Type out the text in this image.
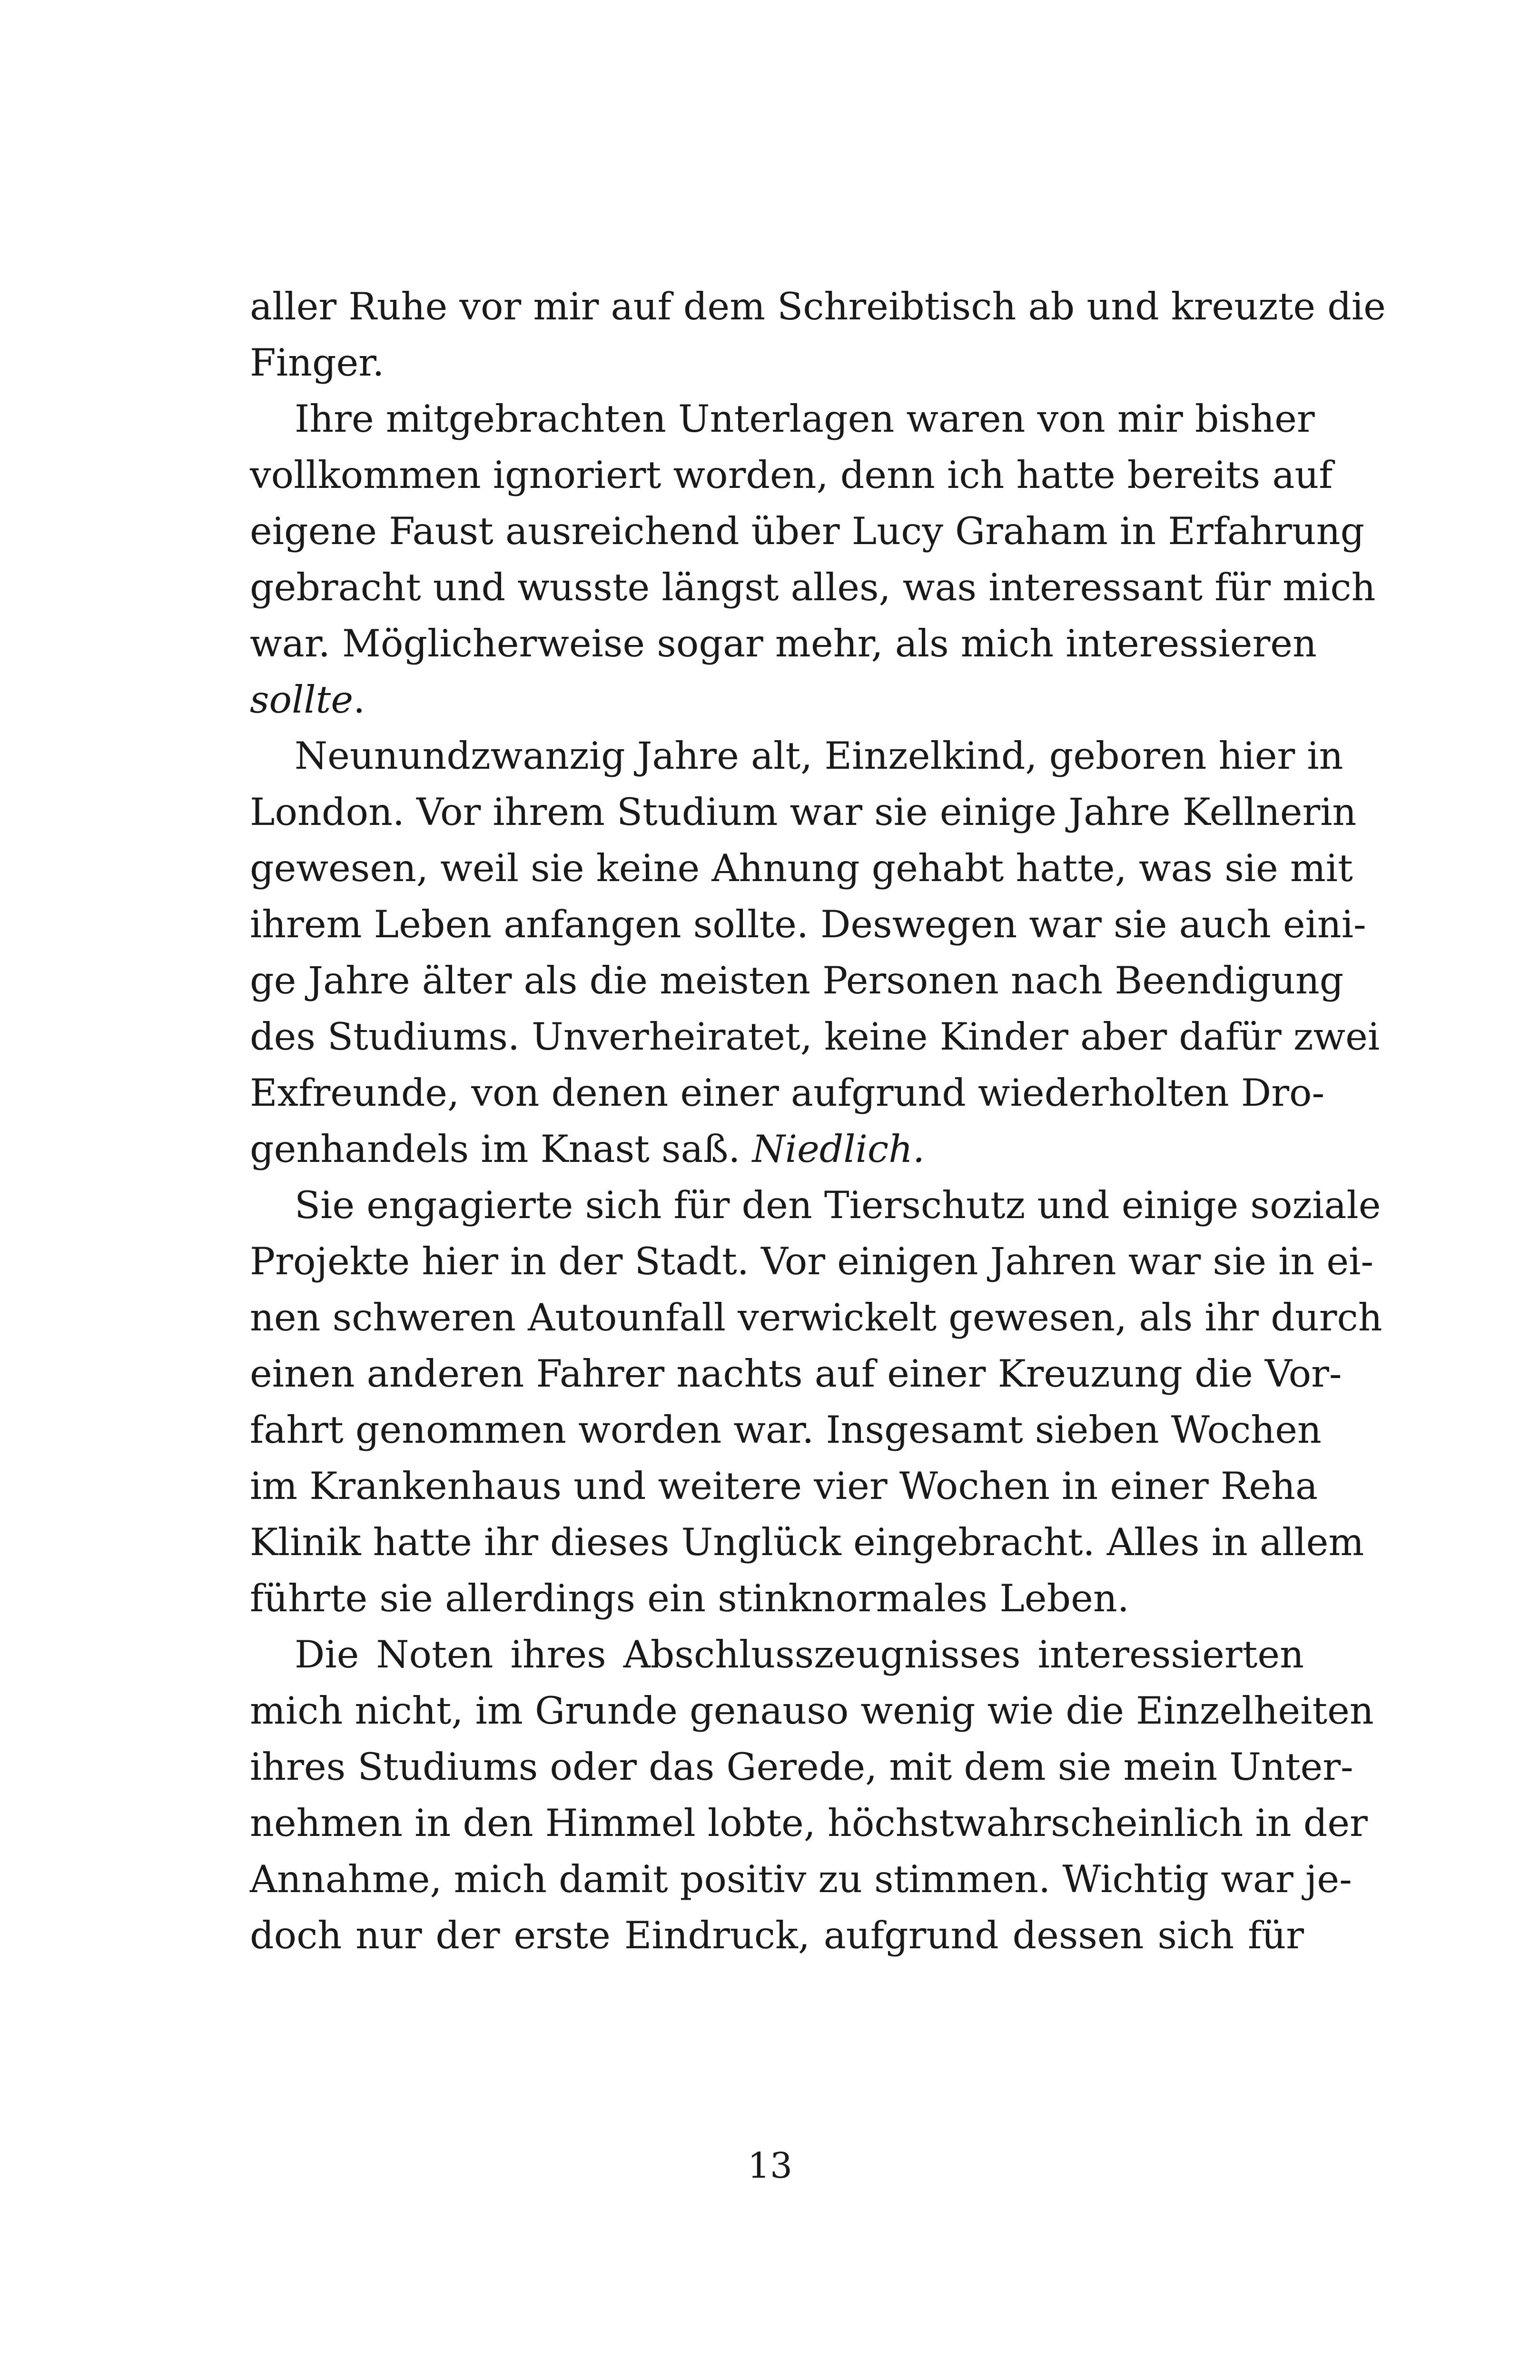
aller Ruhe vor mir auf dem Schreibtisch ab und kreuzte die
Finger.
Ihre mitgebrachten Unterlagen waren von mir bisher
vollkommen ignoriert worden, denn ich hatte bereits auf
eigene Faust ausreichend über Lucy Graham in Erfahrung
gebracht und wusste längst alles, was interessant für mich
war. Möglicherweise sogar mehr, als mich interessieren
sollte.
Neunundzwanzig Jahre alt, Einzelkind, geboren hier in
London. Vor ihrem Studium war sie einige Jahre Kellnerin
gewesen, weil sie keine Ahnung gehabt hatte, was sie mit
ihrem Leben anfangen sollte. Deswegen war sie auch eini-
ge Jahre älter als die meisten Personen nach Beendigung
des Studiums. Unverheiratet, keine Kinder aber dafür zwei
Exfreunde, von denen einer aufgrund wiederholten Dro-
genhandels im Knast saß. Niedlich.
Sie engagierte sich für den Tierschutz und einige soziale
Projekte hier in der Stadt. Vor einigen Jahren war sie in ei-
nen schweren Autounfall verwickelt gewesen, als ihr durch
einen anderen Fahrer nachts auf einer Kreuzung die Vor-
fahrt genommen worden war. Insgesamt sieben Wochen
im Krankenhaus und weitere vier Wochen in einer Reha
Klinik hatte ihr dieses Unglück eingebracht. Alles in allem
führte sie allerdings ein stinknormales Leben.
Die Noten ihres Abschlusszeugnisses interessierten
mich nicht, im Grunde genauso wenig wie die Einzelheiten
ihres Studiums oder das Gerede, mit dem sie mein Unter-
nehmen in den Himmel lobte, höchstwahrscheinlich in der
Annahme, mich damit positiv zu stimmen. Wichtig war je-
doch nur der erste Eindruck, aufgrund dessen sich für
13
